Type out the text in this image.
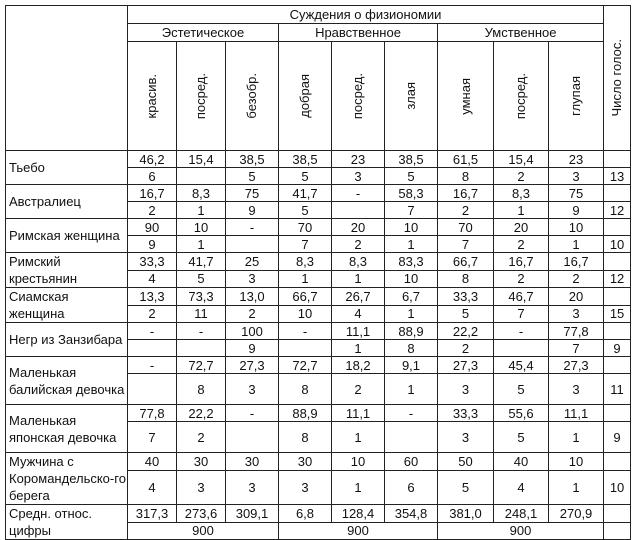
	Суждения о физиономии									Число голос.

	Эстетическое			Нравственное			Умственное			

	красив.	посред.	безобр.	добрая	посред.	злая	умная	посред.	глупая	

Тьебо	46,2	15,4	38,5	38,5	23	38,5	61,5	15,4	23	
	6		5	5	3	5	8	2	3	13
Австралиец	16,7	8,3	75	41,7	-	58,3	16,7	8,3	75	
	2	1	9	5		7	2	1	9	12
Римская женщина	90	10	-	70	20	10	70	20	10	
	9	1		7	2	1	7	2	1	10
Римский крестьянин	33,3	41,7	25	8,3	8,3	83,3	66,7	16,7	16,7	
	4	5	3	1	1	10	8	2	2	12
Сиамская женщина	13,3	73,3	13,0	66,7	26,7	6,7	33,3	46,7	20	
	2	11	2	10	4	1	5	7	3	15
Негр из Занзибара	-	-	100	-	11,1	88,9	22,2	-	77,8	
			9		1	8	2		7	9
Маленькая балийская девочка	-	72,7	27,3	72,7	18,2	9,1	27,3	45,4	27,3	
		8	3	8	2	1	3	5	3	11
Маленькая японская девочка	77,8	22,2	-	88,9	11,1	-	33,3	55,6	11,1	
	7	2		8	1		3	5	1	9
Мужчина с Коромандельско-го берега	40	30	30	30	10	60	50	40	10	
	4	3	3	3	1	6	5	4	1	10
Средн. относ. цифры	317,3	273,6	309,1	6,8	128,4	354,8	381,0	248,1	270,9	
	900			900			900			
